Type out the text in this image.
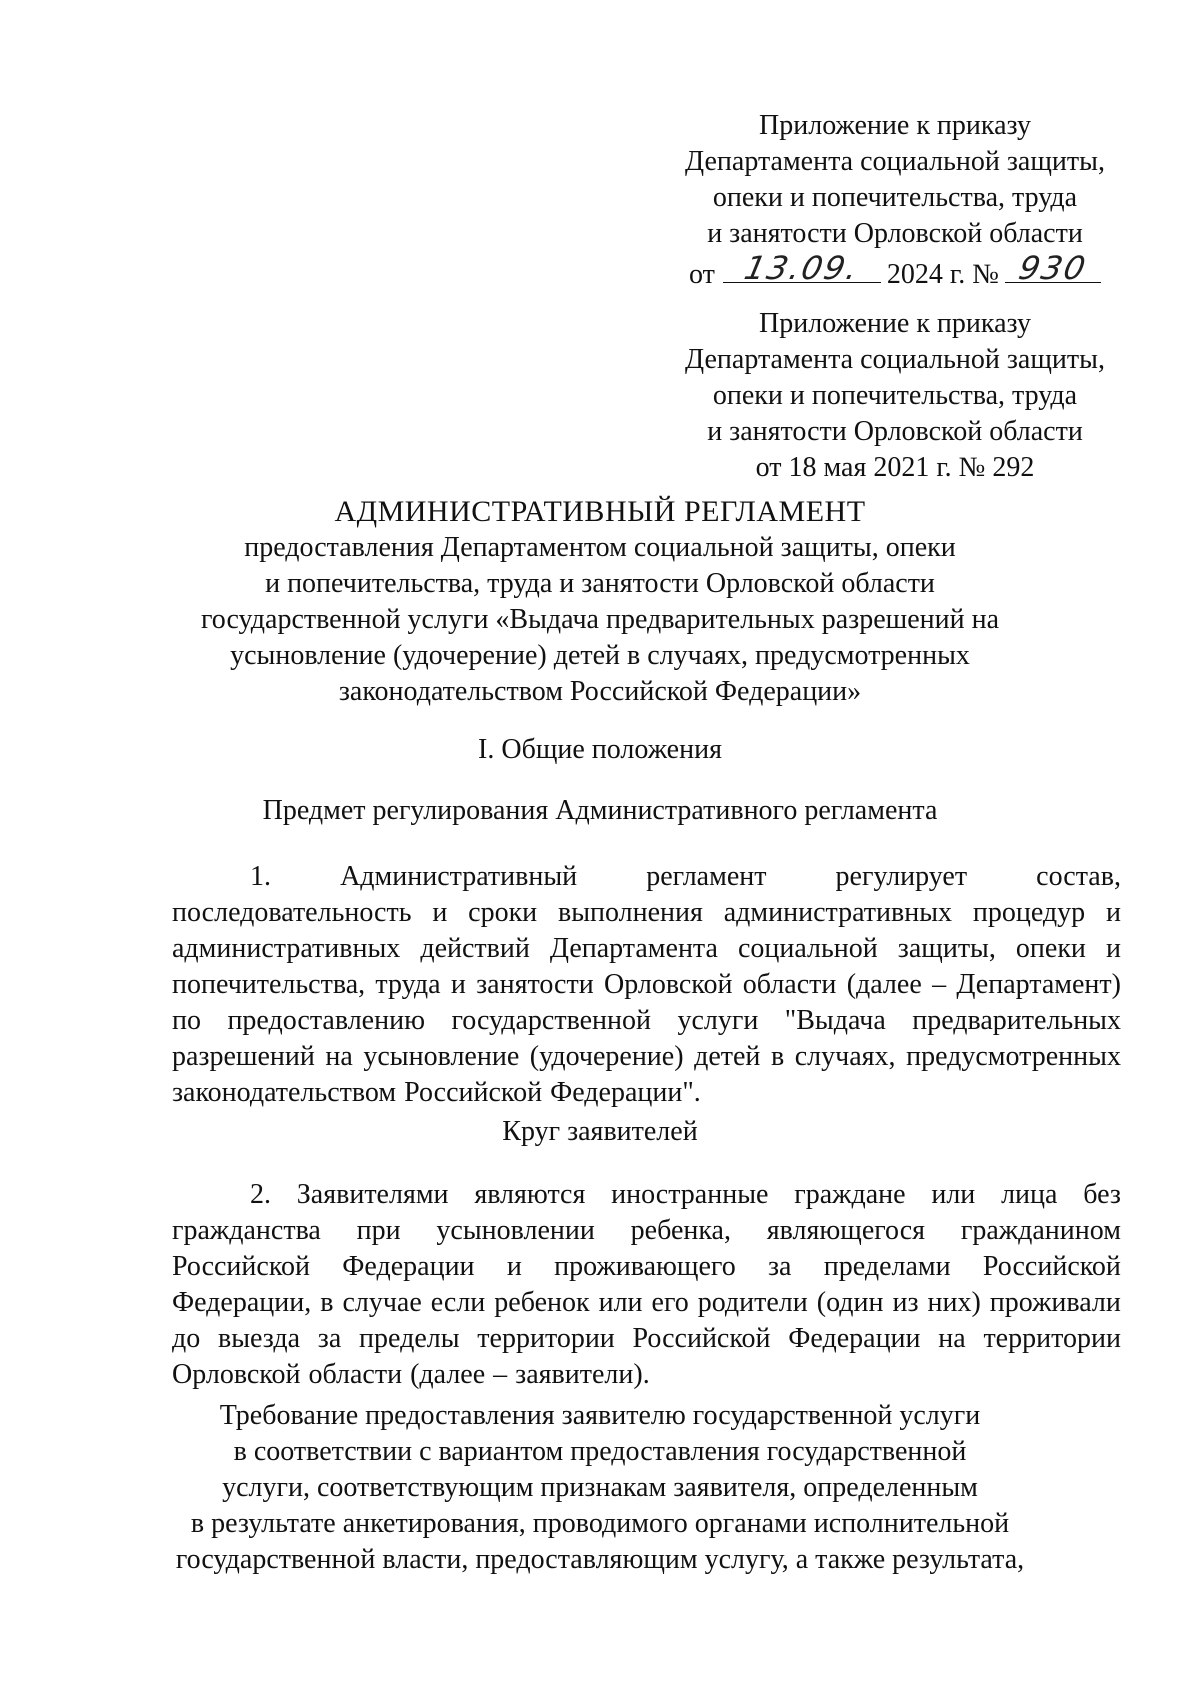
Приложение к приказу
Департамента социальной защиты,
опеки и попечительства, труда
и занятости Орловской области
от 13.09. 2024 г. № 930
Приложение к приказу
Департамента социальной защиты,
опеки и попечительства, труда
и занятости Орловской области
от 18 мая 2021 г. № 292
АДМИНИСТРАТИВНЫЙ РЕГЛАМЕНТ
предоставления Департаментом социальной защиты, опеки
и попечительства, труда и занятости Орловской области
государственной услуги «Выдача предварительных разрешений на
усыновление (удочерение) детей в случаях, предусмотренных
законодательством Российской Федерации»
I. Общие положения
Предмет регулирования Административного регламента
1. Административный регламент регулирует состав,
последовательность и сроки выполнения административных процедур и
административных действий Департамента социальной защиты, опеки и
попечительства, труда и занятости Орловской области (далее – Департамент)
по предоставлению государственной услуги "Выдача предварительных
разрешений на усыновление (удочерение) детей в случаях, предусмотренных
законодательством Российской Федерации".
Круг заявителей
2. Заявителями являются иностранные граждане или лица без
гражданства при усыновлении ребенка, являющегося гражданином
Российской Федерации и проживающего за пределами Российской
Федерации, в случае если ребенок или его родители (один из них) проживали
до выезда за пределы территории Российской Федерации на территории
Орловской области (далее – заявители).
Требование предоставления заявителю государственной услуги
в соответствии с вариантом предоставления государственной
услуги, соответствующим признакам заявителя, определенным
в результате анкетирования, проводимого органами исполнительной
государственной власти, предоставляющим услугу, а также результата,
